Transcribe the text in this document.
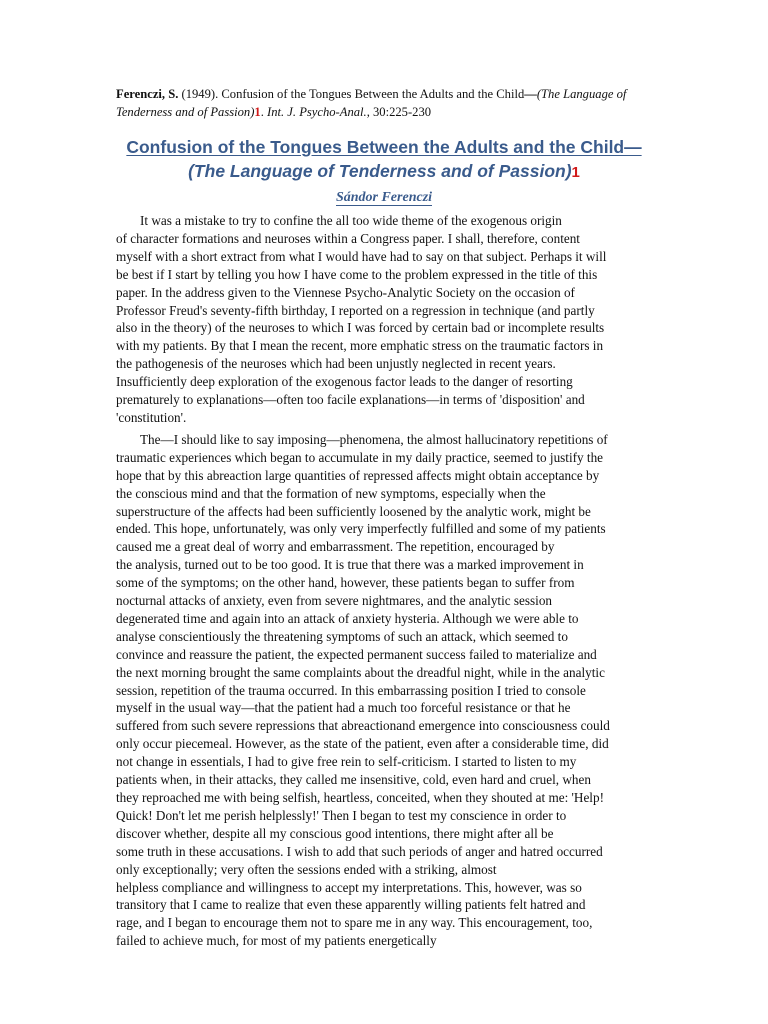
Ferenczi, S. (1949). Confusion of the Tongues Between the Adults and the Child—(The Language of Tenderness and of Passion)1. Int. J. Psycho-Anal., 30:225-230

Confusion of the Tongues Between the Adults and the Child—
(The Language of Tenderness and of Passion)1
Sándor Ferenczi
It was a mistake to try to confine the all too wide theme of the exogenous origin
of character formations and neuroses within a Congress paper. I shall, therefore, content
myself with a short extract from what I would have had to say on that subject. Perhaps it will
be best if I start by telling you how I have come to the problem expressed in the title of this
paper. In the address given to the Viennese Psycho-Analytic Society on the occasion of
Professor Freud's seventy-fifth birthday, I reported on a regression in technique (and partly
also in the theory) of the neuroses to which I was forced by certain bad or incomplete results
with my patients. By that I mean the recent, more emphatic stress on the traumatic factors in
the pathogenesis of the neuroses which had been unjustly neglected in recent years.
Insufficiently deep exploration of the exogenous factor leads to the danger of resorting
prematurely to explanations—often too facile explanations—in terms of 'disposition' and
'constitution'.
The—I should like to say imposing—phenomena, the almost hallucinatory repetitions of
traumatic experiences which began to accumulate in my daily practice, seemed to justify the
hope that by this abreaction large quantities of repressed affects might obtain acceptance by
the conscious mind and that the formation of new symptoms, especially when the
superstructure of the affects had been sufficiently loosened by the analytic work, might be
ended. This hope, unfortunately, was only very imperfectly fulfilled and some of my patients
caused me a great deal of worry and embarrassment. The repetition, encouraged by
the analysis, turned out to be too good. It is true that there was a marked improvement in
some of the symptoms; on the other hand, however, these patients began to suffer from
nocturnal attacks of anxiety, even from severe nightmares, and the analytic session
degenerated time and again into an attack of anxiety hysteria. Although we were able to
analyse conscientiously the threatening symptoms of such an attack, which seemed to
convince and reassure the patient, the expected permanent success failed to materialize and
the next morning brought the same complaints about the dreadful night, while in the analytic
session, repetition of the trauma occurred. In this embarrassing position I tried to console
myself in the usual way—that the patient had a much too forceful resistance or that he
suffered from such severe repressions that abreactionand emergence into consciousness could
only occur piecemeal. However, as the state of the patient, even after a considerable time, did
not change in essentials, I had to give free rein to self-criticism. I started to listen to my
patients when, in their attacks, they called me insensitive, cold, even hard and cruel, when
they reproached me with being selfish, heartless, conceited, when they shouted at me: 'Help!
Quick! Don't let me perish helplessly!' Then I began to test my conscience in order to
discover whether, despite all my conscious good intentions, there might after all be
some truth in these accusations. I wish to add that such periods of anger and hatred occurred
only exceptionally; very often the sessions ended with a striking, almost
helpless compliance and willingness to accept my interpretations. This, however, was so
transitory that I came to realize that even these apparently willing patients felt hatred and
rage, and I began to encourage them not to spare me in any way. This encouragement, too,
failed to achieve much, for most of my patients energetically
